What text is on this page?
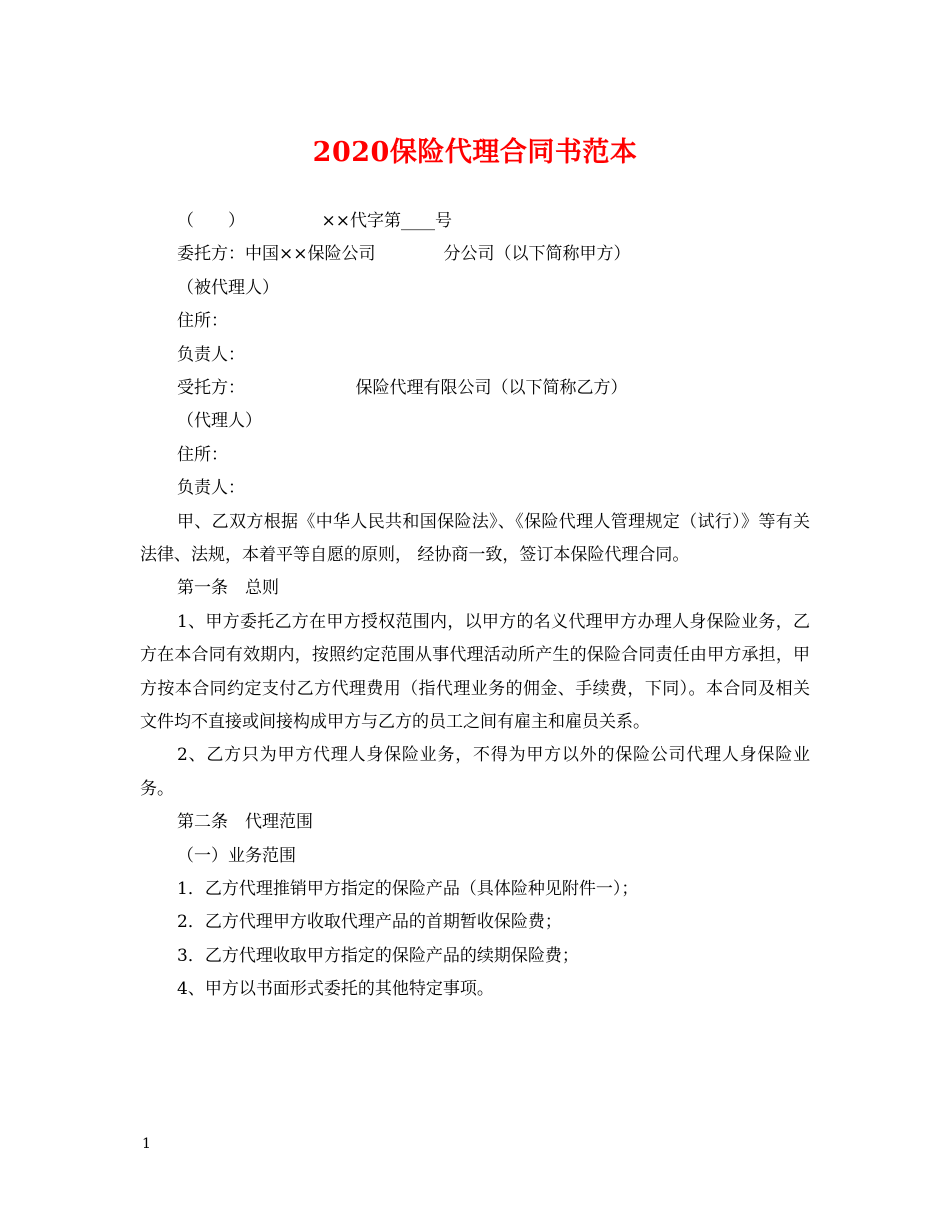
2020保险代理合同书范本
（　　）　　　　　××代字第____号
委托方：中国××保险公司　　　　分公司（以下简称甲方）
（被代理人）
住所：
负责人：
受托方：　　　　　　　保险代理有限公司（以下简称乙方）
（代理人）
住所：
负责人：
甲、乙双方根据《中华人民共和国保险法》、《保险代理人管理规定（试行）》等有关法律、法规，本着平等自愿的原则， 经协商一致，签订本保险代理合同。
第一条　总则
1、甲方委托乙方在甲方授权范围内，以甲方的名义代理甲方办理人身保险业务，乙方在本合同有效期内，按照约定范围从事代理活动所产生的保险合同责任由甲方承担，甲方按本合同约定支付乙方代理费用（指代理业务的佣金、手续费，下同）。本合同及相关文件均不直接或间接构成甲方与乙方的员工之间有雇主和雇员关系。
2、乙方只为甲方代理人身保险业务，不得为甲方以外的保险公司代理人身保险业务。
第二条　代理范围
（一）业务范围
1．乙方代理推销甲方指定的保险产品（具体险种见附件一）；
2．乙方代理甲方收取代理产品的首期暂收保险费；
3．乙方代理收取甲方指定的保险产品的续期保险费；
4、甲方以书面形式委托的其他特定事项。
1
